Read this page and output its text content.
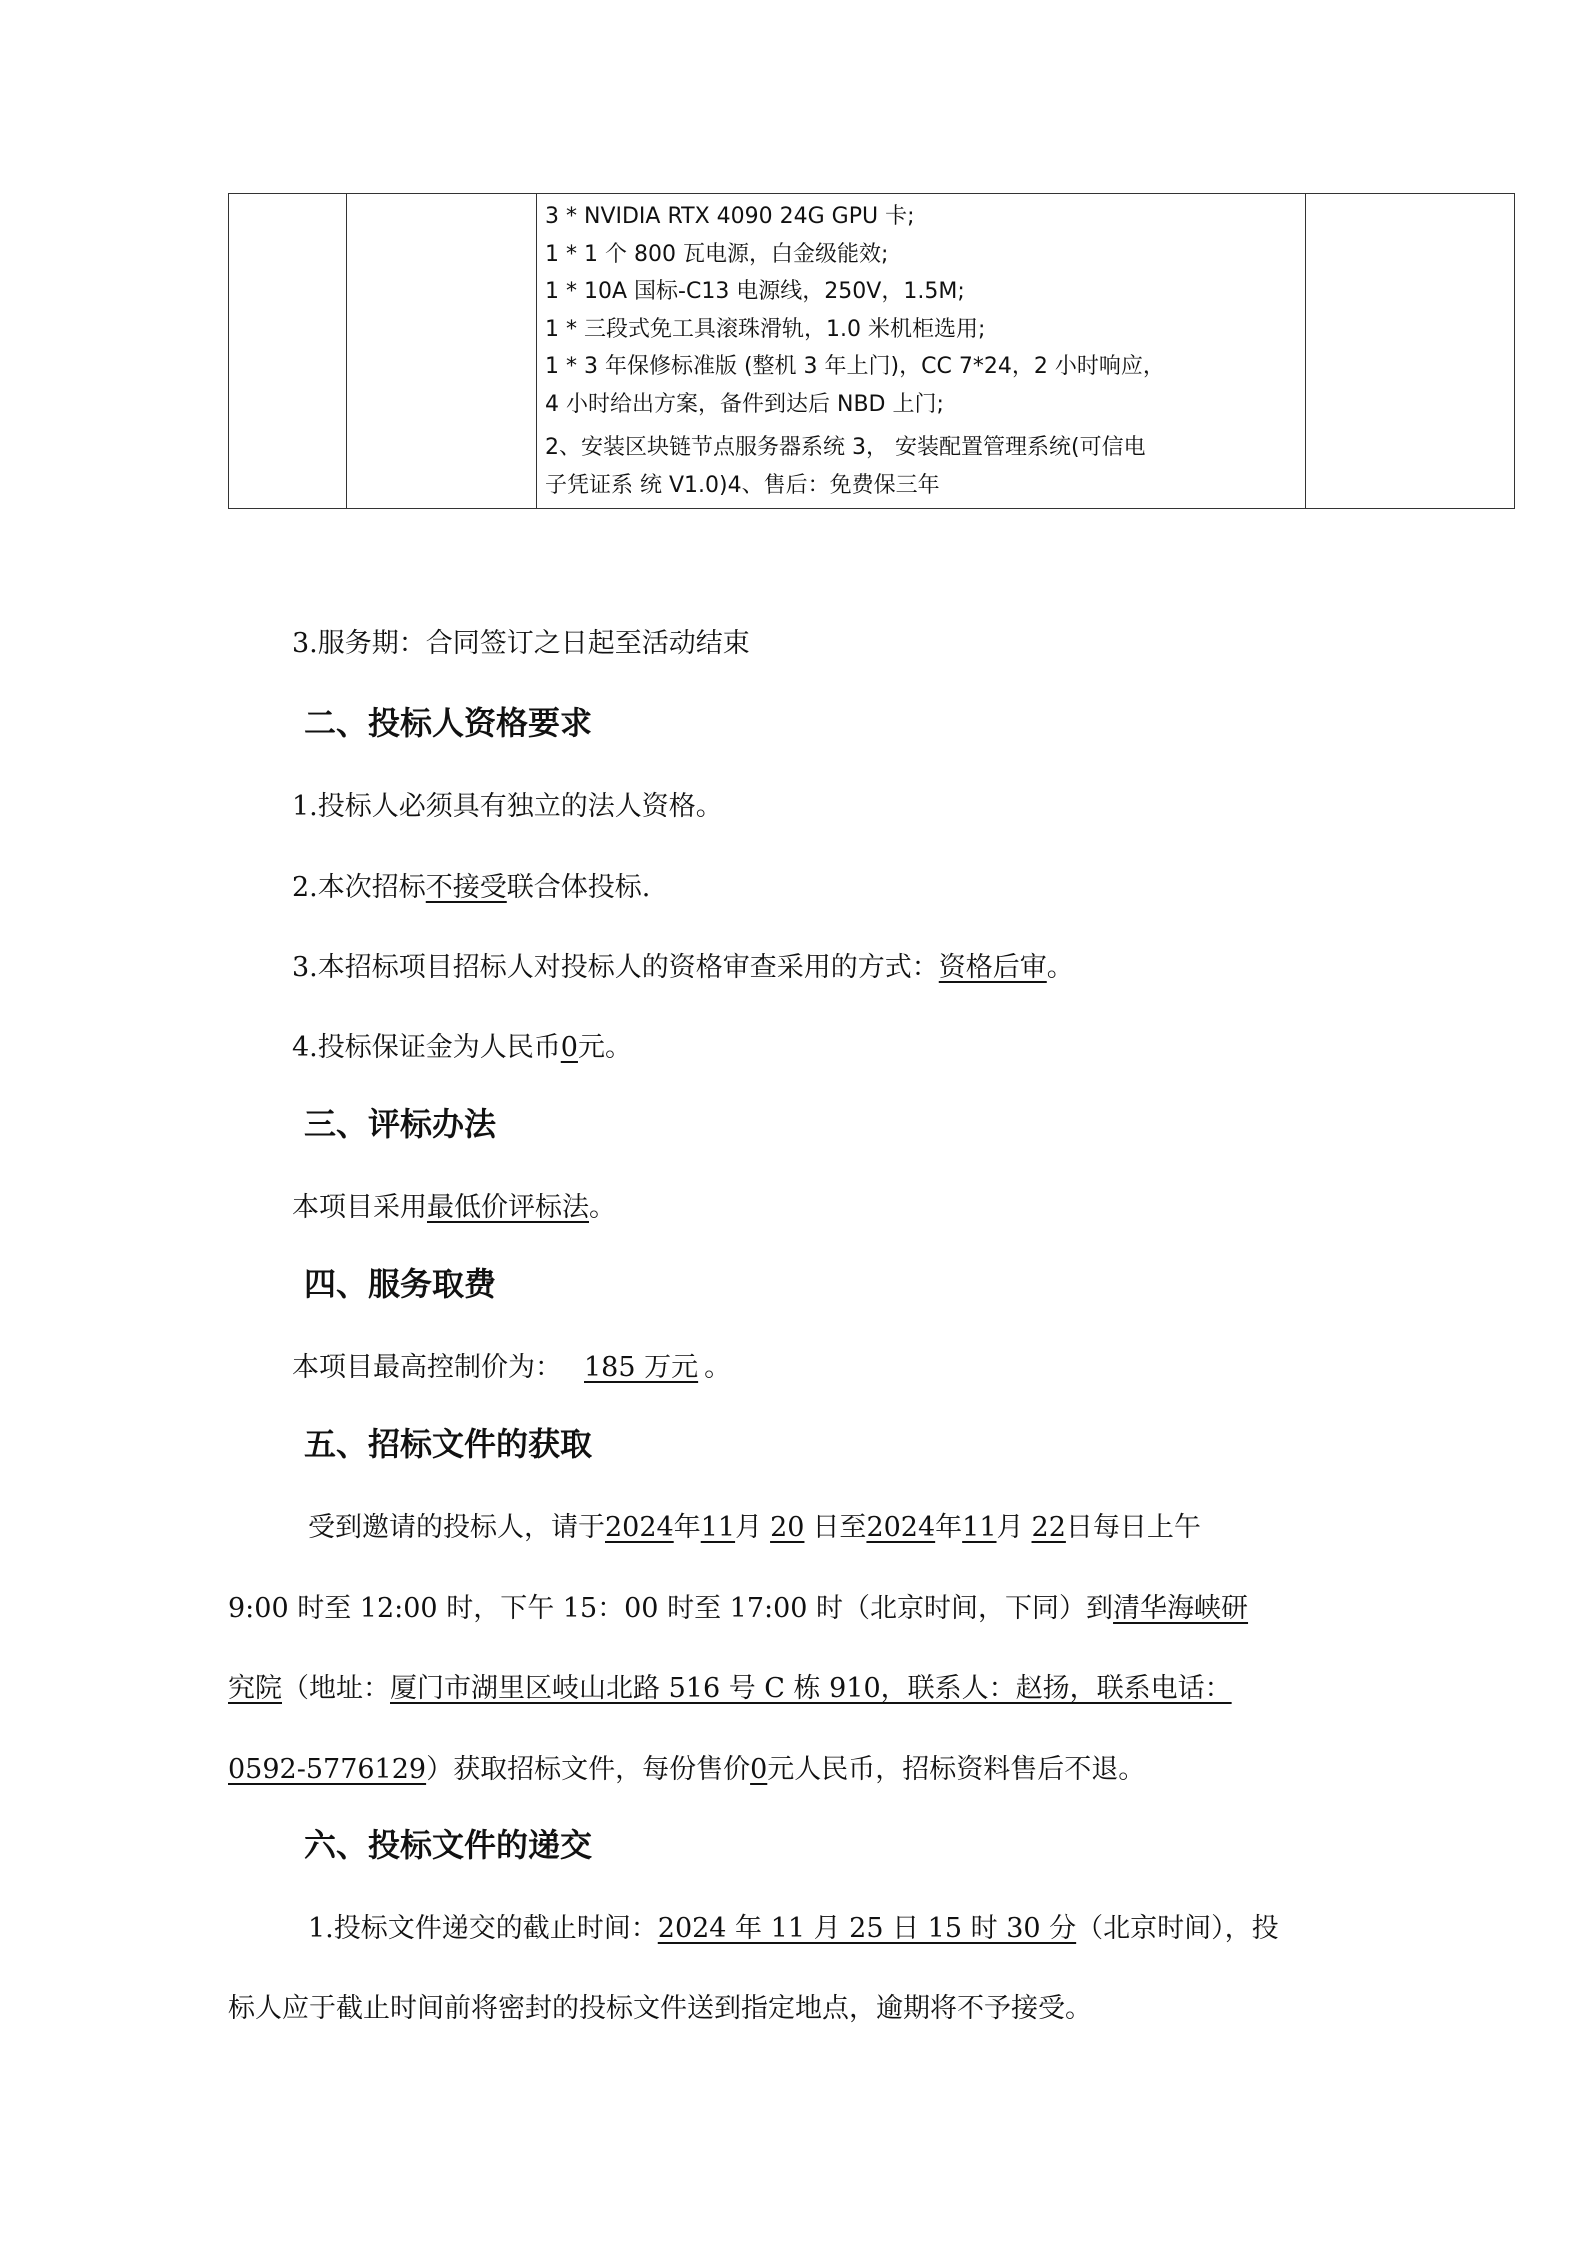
3 * NVIDIA RTX 4090 24G GPU 卡;
1 * 1 个 800 瓦电源，白金级能效;
1 * 10A 国标-C13 电源线，250V，1.5M;
1 * 三段式免工具滚珠滑轨，1.0 米机柜选用;
1 * 3 年保修标准版 (整机 3 年上门)，CC 7*24，2 小时响应，
4 小时给出方案，备件到达后 NBD 上门;
2、安装区块链节点服务器系统 3， 安装配置管理系统(可信电
子凭证系 统 V1.0)4、售后：免费保三年

3.服务期：合同签订之日起至活动结束
二、投标人资格要求
1.投标人必须具有独立的法人资格。
2.本次招标不接受联合体投标.
3.本招标项目招标人对投标人的资格审查采用的方式：资格后审。
4.投标保证金为人民币0元。
三、评标办法
本项目采用最低价评标法。
四、服务取费
本项目最高控制价为： 185 万元 。
五、招标文件的获取
受到邀请的投标人，请于2024年11月 20 日至2024年11月 22日每日上午
9:00 时至 12:00 时，下午 15：00 时至 17:00 时（北京时间，下同）到清华海峡研
究院（地址：厦门市湖里区岐山北路 516 号 C 栋 910，联系人：赵扬，联系电话：
0592-5776129）获取招标文件，每份售价0元人民币，招标资料售后不退。
六、投标文件的递交
1.投标文件递交的截止时间：2024 年 11 月 25 日 15 时 30 分（北京时间），投
标人应于截止时间前将密封的投标文件送到指定地点，逾期将不予接受。
